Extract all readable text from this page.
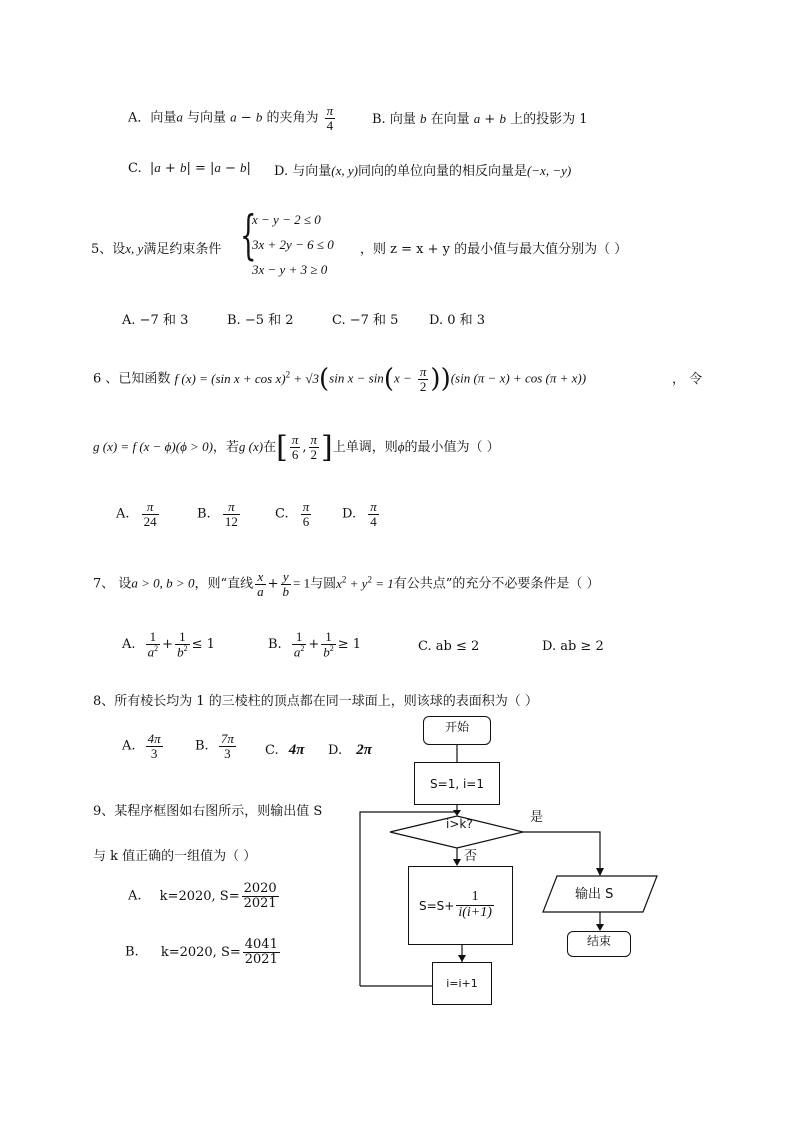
A．向量a 与向量 a − b 的夹角为 $\frac{\pi}{4}$	B. 向量 b 在向量 a + b 上的投影为 1
C.  |a + b| = |a − b| D. 与向量(x, y)同向的单位向量的相反向量是(−x, −y)
5、设x, y满足约束条件 {
x − y − 2 ≤ 0
3x + 2y − 6 ≤ 0
3x − y + 3 ≥ 0
，则 z = x + y 的最小值与最大值分别为（ ）
A. −7 和 3	B. −5 和 2	C. −7 和 5 D. 0 和 3
6 、已知函数 f (x) = (sin x + cos x)$^2$ + √3(sin $x - \sin(x - \frac{\pi}{2} ))(\sin$ (π − x) + cos (π + x))	， 令
g (x) = f (x − ϕ)(ϕ > 0)，若g (x)在[ $\frac{\pi}{6}$ , $\frac{\pi}{2}$ ]上单调，则ϕ的最小值为（ ）
A. $\frac{\pi}{24}$	B. $\frac{\pi}{12}$	C. $\frac{\pi}{6} D$. $\frac{\pi}{4}$
7、 设a > 0, b > 0，则“直线 $\frac{x}{a} + \frac{y}{b} = 1$与圆$x^2 + y^2 = 1$有公共点”的充分不必要条件是（ ）
A. $\frac{1}{a^2} + \frac{1}{b^2} \le 1$	B. $\frac{1}{a^2} + \frac{1}{b^2} \ge 1$	C. ab ≤ 2	D. ab ≥ 2
8、所有棱长均为 1 的三棱柱的顶点都在同一球面上，则该球的表面积为（ ）
A. $\frac{4\pi}{3} B$. $\frac{7\pi}{3} C$. 4π D. 2π
9、某程序框图如右图所示，则输出值 S
与 k 值正确的一组值为（ ）
A. k=2020, $S= \frac{2020}{2021}$
B. k=2020, $S= \frac{4041}{2021}$
开始
S=1, i=1
i>k?	是
否
$S=S+ \frac{1}{i(i+1)}$	输出 S
结束
i=i+1
